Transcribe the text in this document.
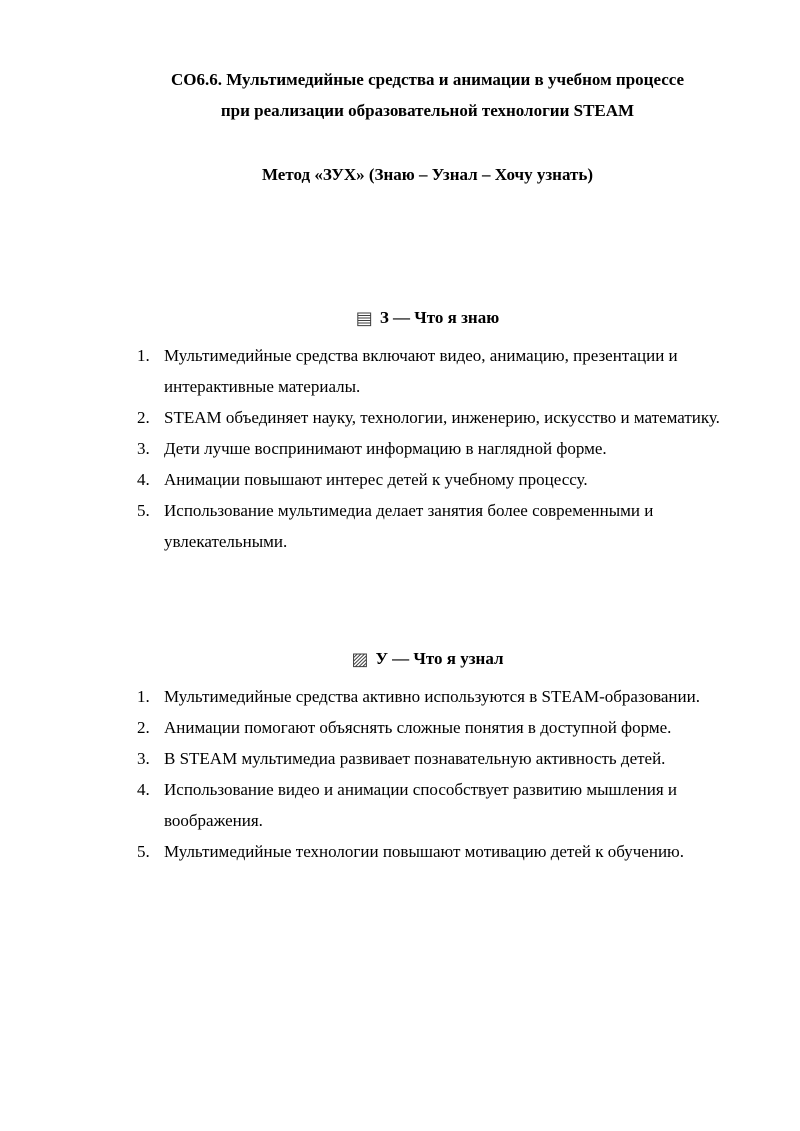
СО6.6. Мультимедийные средства и анимации в учебном процессе
при реализации образовательной технологии STEAM
Метод «ЗУХ» (Знаю – Узнал – Хочу узнать)
▤ З — Что я знаю
1. Мультимедийные средства включают видео, анимацию, презентации и интерактивные материалы.
2. STEAM объединяет науку, технологии, инженерию, искусство и математику.
3. Дети лучше воспринимают информацию в наглядной форме.
4. Анимации повышают интерес детей к учебному процессу.
5. Использование мультимедиа делает занятия более современными и увлекательными.
▨ У — Что я узнал
1. Мультимедийные средства активно используются в STEAM-образовании.
2. Анимации помогают объяснять сложные понятия в доступной форме.
3. В STEAM мультимедиа развивает познавательную активность детей.
4. Использование видео и анимации способствует развитию мышления и воображения.
5. Мультимедийные технологии повышают мотивацию детей к обучению.
